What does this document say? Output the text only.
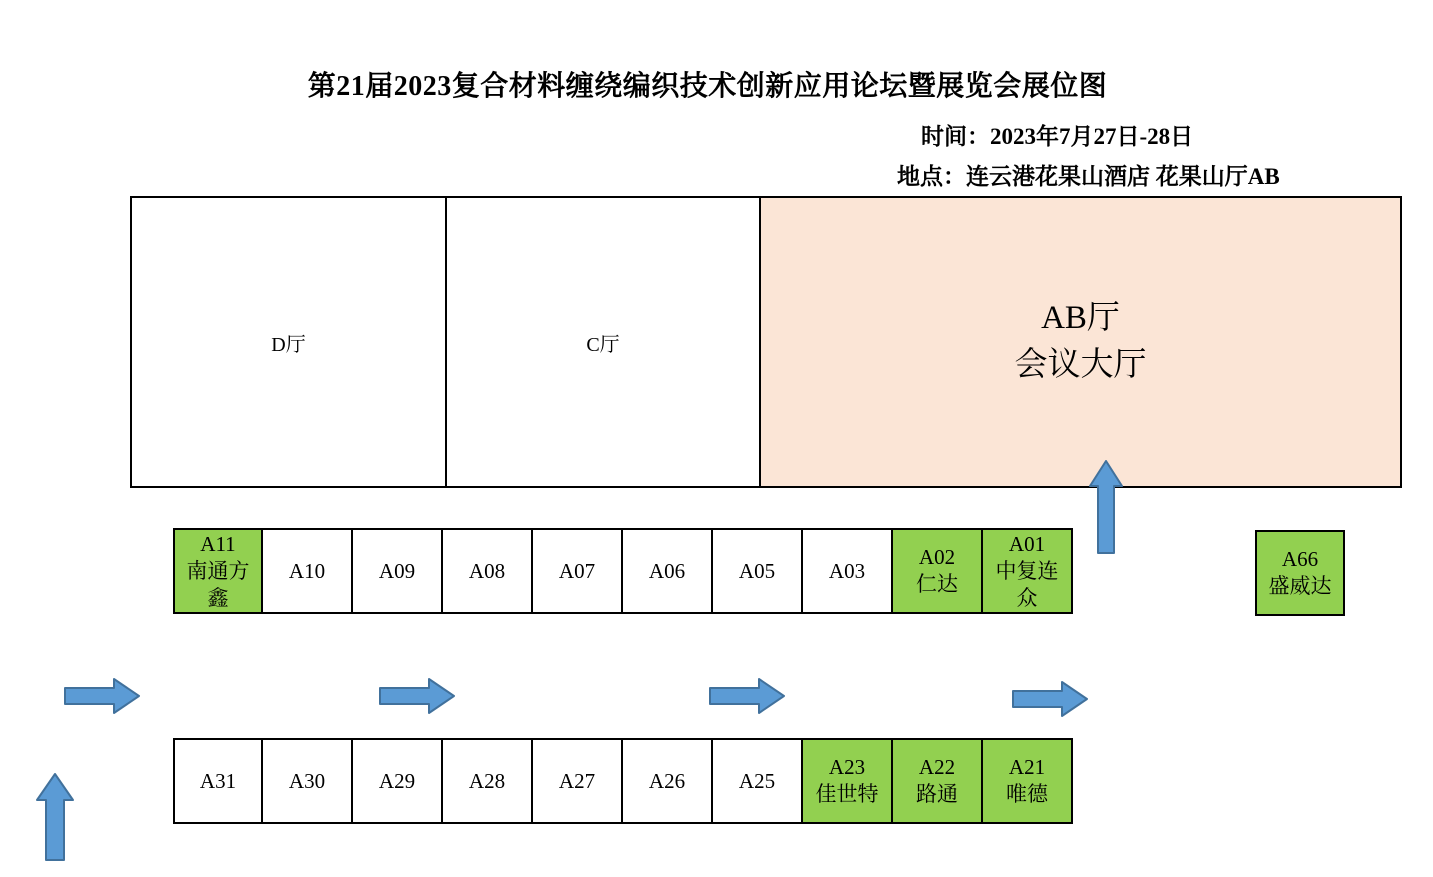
第21届2023复合材料缠绕编织技术创新应用论坛暨展览会展位图
时间：2023年7月27日-28日
地点：连云港花果山酒店 花果山厅AB
D厅	C厅
AB厅
会议大厅
A11
南通方鑫
A10	A09	A08	A07	A06	A05	A03
A02
仁达
A01
中复连众
A31	A30	A29	A28	A27	A26	A25
A23
佳世特
A22
路通
A21
唯德
A66
盛威达
